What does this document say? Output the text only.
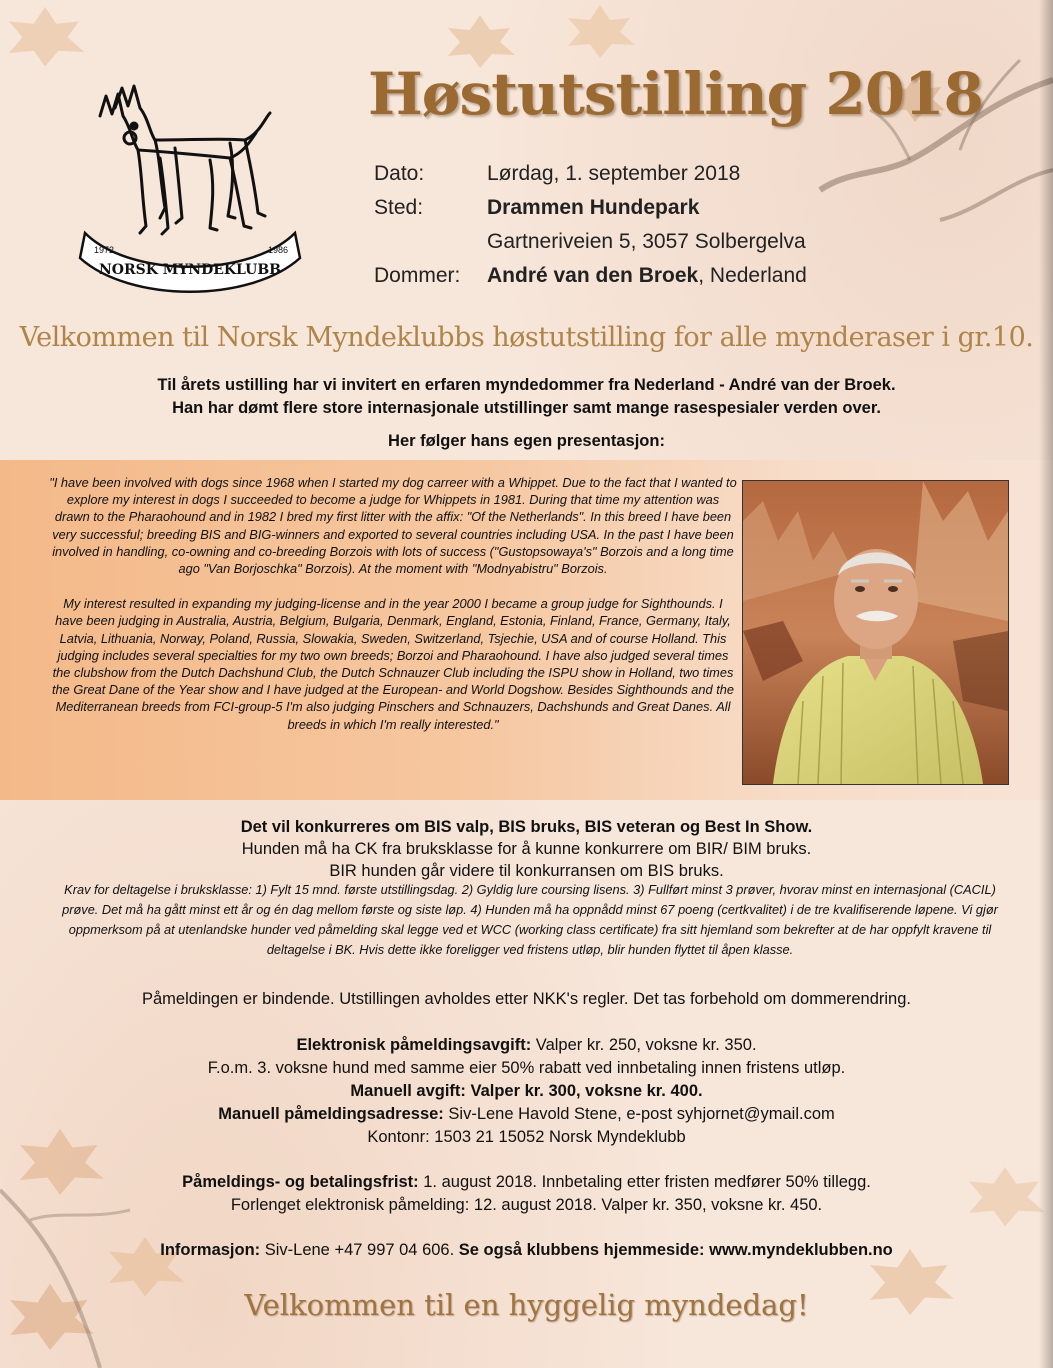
NORSK MYNDEKLUBB
1972	1986
Høstutstilling 2018
Dato:	Lørdag, 1. september 2018
Sted:	Drammen Hundepark
Gartneriveien 5, 3057 Solbergelva
Dommer: André van den Broek, Nederland
Velkommen til Norsk Myndeklubbs høstutstilling for alle mynderaser i gr.10.
Til årets ustilling har vi invitert en erfaren myndedommer fra Nederland - André van der Broek.
Han har dømt flere store internasjonale utstillinger samt mange rasespesialer verden over.
Her følger hans egen presentasjon:

"I have been involved with dogs since 1968 when I started my dog carreer with a Whippet. Due to the fact that I wanted to explore my interest in dogs I succeeded to become a judge for Whippets in 1981. During that time my attention was drawn to the Pharaohound and in 1982 I bred my first litter with the affix: "Of the Netherlands". In this breed I have been very successful; breeding BIS and BIG-winners and exported to several countries including USA. In the past I have been involved in handling, co-owning and co-breeding Borzois with lots of success ("Gustopsowaya's" Borzois and a long time ago "Van Borjoschka" Borzois). At the moment with "Modnyabistru" Borzois.

My interest resulted in expanding my judging-license and in the year 2000 I became a group judge for Sighthounds. I have been judging in Australia, Austria, Belgium, Bulgaria, Denmark, England, Estonia, Finland, France, Germany, Italy, Latvia, Lithuania, Norway, Poland, Russia, Slowakia, Sweden, Switzerland, Tsjechie, USA and of course Holland. This judging includes several specialties for my two own breeds; Borzoi and Pharaohound. I have also judged several times the clubshow from the Dutch Dachshund Club, the Dutch Schnauzer Club including the ISPU show in Holland, two times the Great Dane of the Year show and I have judged at the European- and World Dogshow. Besides Sighthounds and the Mediterranean breeds from FCI-group-5 I'm also judging Pinschers and Schnauzers, Dachshunds and Great Danes. All breeds in which I'm really interested."

Det vil konkurreres om BIS valp, BIS bruks, BIS veteran og Best In Show.
Hunden må ha CK fra bruksklasse for å kunne konkurrere om BIR/ BIM bruks.
BIR hunden går videre til konkurransen om BIS bruks.
Krav for deltagelse i bruksklasse: 1) Fylt 15 mnd. første utstillingsdag. 2) Gyldig lure coursing lisens. 3) Fullført minst 3 prøver, hvorav minst en internasjonal (CACIL) prøve. Det må ha gått minst ett år og én dag mellom første og siste løp. 4) Hunden må ha oppnådd minst 67 poeng (certkvalitet) i de tre kvalifiserende løpene. Vi gjør oppmerksom på at utenlandske hunder ved påmelding skal legge ved et WCC (working class certificate) fra sitt hjemland som bekrefter at de har oppfylt kravene til deltagelse i BK. Hvis dette ikke foreligger ved fristens utløp, blir hunden flyttet til åpen klasse.
Påmeldingen er bindende. Utstillingen avholdes etter NKK's regler. Det tas forbehold om dommerendring.
Elektronisk påmeldingsavgift: Valper kr. 250, voksne kr. 350.
F.o.m. 3. voksne hund med samme eier 50% rabatt ved innbetaling innen fristens utløp.
Manuell avgift: Valper kr. 300, voksne kr. 400.
Manuell påmeldingsadresse: Siv-Lene Havold Stene, e-post syhjornet@ymail.com
Kontonr: 1503 21 15052 Norsk Myndeklubb
Påmeldings- og betalingsfrist: 1. august 2018. Innbetaling etter fristen medfører 50% tillegg.
Forlenget elektronisk påmelding: 12. august 2018. Valper kr. 350, voksne kr. 450.
Informasjon: Siv-Lene +47 997 04 606. Se også klubbens hjemmeside: www.myndeklubben.no
Velkommen til en hyggelig myndedag!
